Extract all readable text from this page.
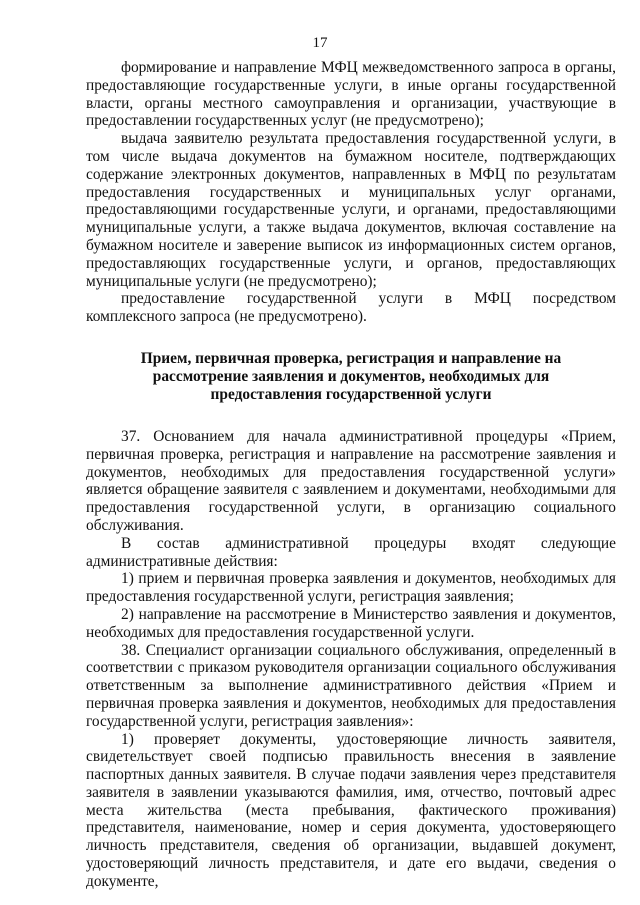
17

формирование и направление МФЦ межведомственного запроса в органы, предоставляющие государственные услуги, в иные органы государственной власти, органы местного самоуправления и организации, участвующие в предоставлении государственных услуг (не предусмотрено);

выдача заявителю результата предоставления государственной услуги, в том числе выдача документов на бумажном носителе, подтверждающих содержание электронных документов, направленных в МФЦ по результатам предоставления государственных и муниципальных услуг органами, предоставляющими государственные услуги, и органами, предоставляющими муниципальные услуги, а также выдача документов, включая составление на бумажном носителе и заверение выписок из информационных систем органов, предоставляющих государственные услуги, и органов, предоставляющих муниципальные услуги (не предусмотрено);

предоставление государственной услуги в МФЦ посредством комплексного запроса (не предусмотрено).

Прием, первичная проверка, регистрация и направление на рассмотрение заявления и документов, необходимых для предоставления государственной услуги

37. Основанием для начала административной процедуры «Прием, первичная проверка, регистрация и направление на рассмотрение заявления и документов, необходимых для предоставления государственной услуги» является обращение заявителя с заявлением и документами, необходимыми для предоставления государственной услуги, в организацию социального обслуживания.

В состав административной процедуры входят следующие административные действия:

1) прием и первичная проверка заявления и документов, необходимых для предоставления государственной услуги, регистрация заявления;

2) направление на рассмотрение в Министерство заявления и документов, необходимых для предоставления государственной услуги.

38. Специалист организации социального обслуживания, определенный в соответствии с приказом руководителя организации социального обслуживания ответственным за выполнение административного действия «Прием и первичная проверка заявления и документов, необходимых для предоставления государственной услуги, регистрация заявления»:

1) проверяет документы, удостоверяющие личность заявителя, свидетельствует своей подписью правильность внесения в заявление паспортных данных заявителя. В случае подачи заявления через представителя заявителя в заявлении указываются фамилия, имя, отчество, почтовый адрес места жительства (места пребывания, фактического проживания) представителя, наименование, номер и серия документа, удостоверяющего личность представителя, сведения об организации, выдавшей документ, удостоверяющий личность представителя, и дате его выдачи, сведения о документе,
